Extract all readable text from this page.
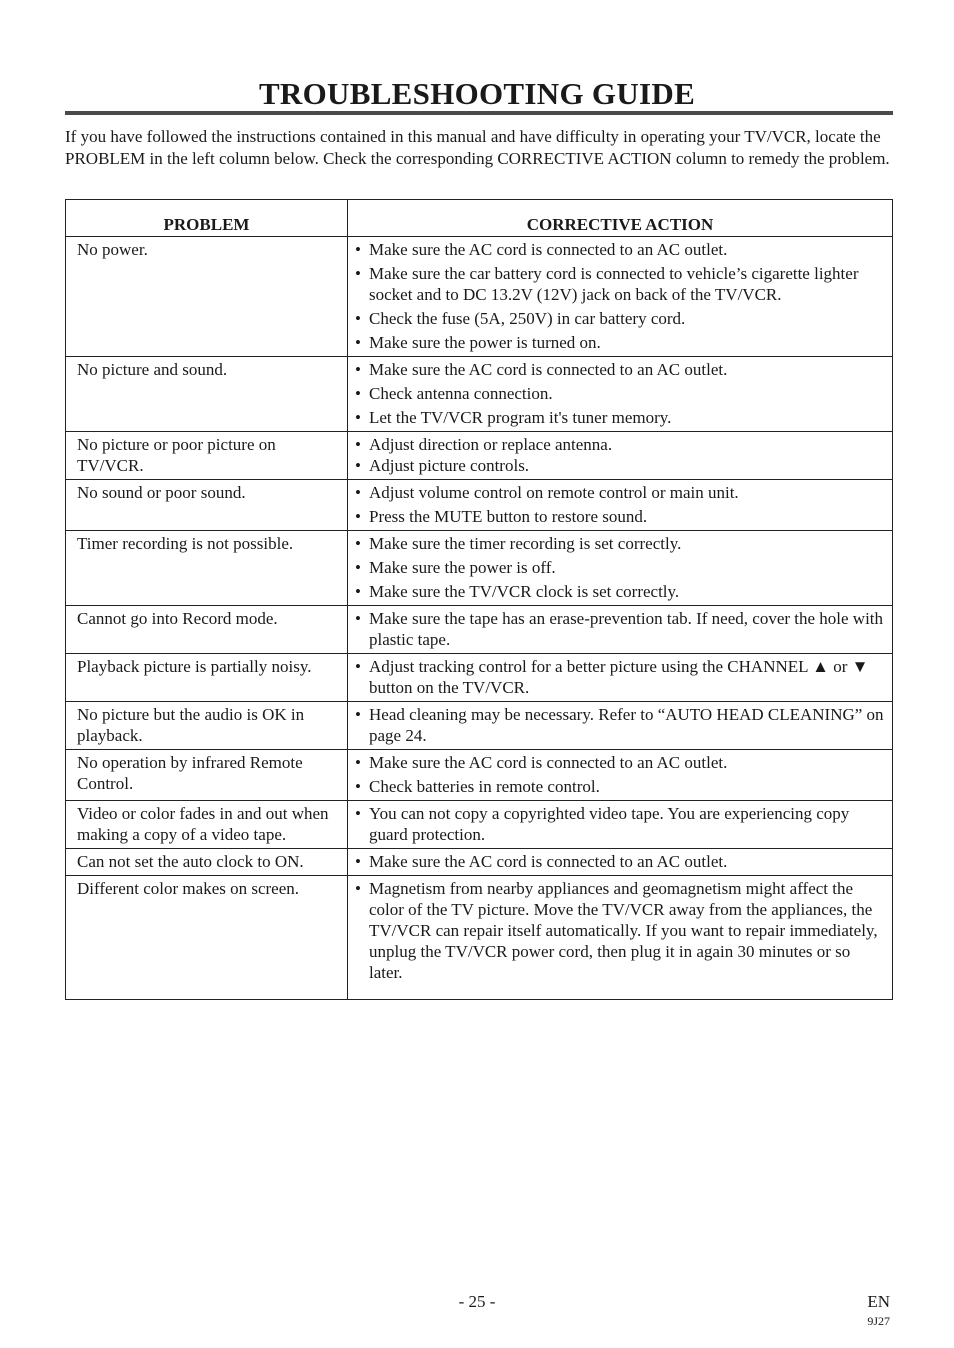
TROUBLESHOOTING GUIDE

If you have followed the instructions contained in this manual and have difficulty in operating your TV/VCR, locate the PROBLEM in the left column below. Check the corresponding CORRECTIVE ACTION column to remedy the problem.

PROBLEM	CORRECTIVE ACTION
No power.	• Make sure the AC cord is connected to an AC outlet.
• Make sure the car battery cord is connected to vehicle’s cigarette lighter socket and to DC 13.2V (12V) jack on back of the TV/VCR.
• Check the fuse (5A, 250V) in car battery cord.
• Make sure the power is turned on.

No picture and sound.	• Make sure the AC cord is connected to an AC outlet.
• Check antenna connection.
• Let the TV/VCR program it's tuner memory.

No picture or poor picture on TV/VCR.	• Adjust direction or replace antenna.
• Adjust picture controls.

No sound or poor sound.	• Adjust volume control on remote control or main unit.
• Press the MUTE button to restore sound.

Timer recording is not possible.	• Make sure the timer recording is set correctly.
• Make sure the power is off.
• Make sure the TV/VCR clock is set correctly.

Cannot go into Record mode.	• Make sure the tape has an erase-prevention tab. If need, cover the hole with plastic tape.

Playback picture is partially noisy.	• Adjust tracking control for a better picture using the CHANNEL ▲ or ▼ button on the TV/VCR.

No picture but the audio is OK in playback.	• Head cleaning may be necessary. Refer to “AUTO HEAD CLEANING” on page 24.

No operation by infrared Remote Control.	• Make sure the AC cord is connected to an AC outlet.
• Check batteries in remote control.

Video or color fades in and out when making a copy of a video tape.	• You can not copy a copyrighted video tape. You are experiencing copy guard protection.

Can not set the auto clock to ON.	• Make sure the AC cord is connected to an AC outlet.

Different color makes on screen.	• Magnetism from nearby appliances and geomagnetism might affect the color of the TV picture. Move the TV/VCR away from the appliances, the TV/VCR can repair itself automatically. If you want to repair immediately, unplug the TV/VCR power cord, then plug it in again 30 minutes or so later.
- 25 -	EN
9J27
